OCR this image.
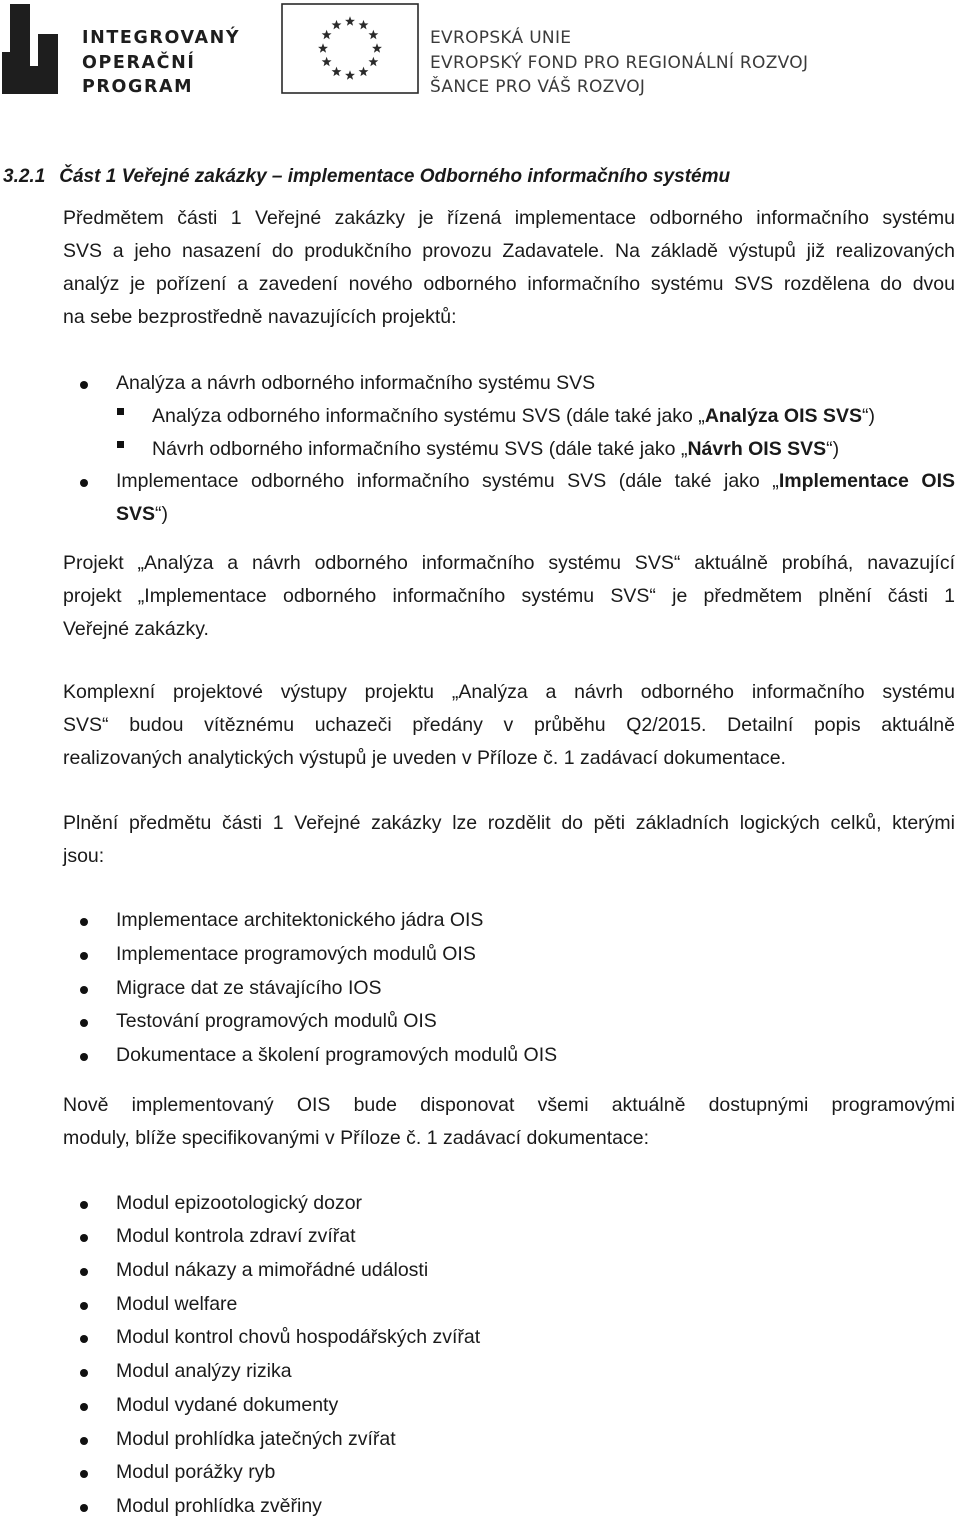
INTEGROVANÝ
OPERAČNÍ
PROGRAM
EVROPSKÁ UNIE
EVROPSKÝ FOND PRO REGIONÁLNÍ ROZVOJ
ŠANCE PRO VÁŠ ROZVOJ
3.2.1 Část 1 Veřejné zakázky – implementace Odborného informačního systému
Předmětem části 1 Veřejné zakázky je řízená implementace odborného informačního systému
SVS a jeho nasazení do produkčního provozu Zadavatele. Na základě výstupů již realizovaných
analýz je pořízení a zavedení nového odborného informačního systému SVS rozdělena do dvou
na sebe bezprostředně navazujících projektů:
Analýza a návrh odborného informačního systému SVS
Analýza odborného informačního systému SVS (dále také jako „Analýza OIS SVS“)
Návrh odborného informačního systému SVS (dále také jako „Návrh OIS SVS“)
Implementace odborného informačního systému SVS (dále také jako „Implementace OIS
SVS“)
Projekt „Analýza a návrh odborného informačního systému SVS“ aktuálně probíhá, navazující
projekt „Implementace odborného informačního systému SVS“ je předmětem plnění části 1
Veřejné zakázky.
Komplexní projektové výstupy projektu „Analýza a návrh odborného informačního systému
SVS“ budou vítěznému uchazeči předány v průběhu Q2/2015. Detailní popis aktuálně
realizovaných analytických výstupů je uveden v Příloze č. 1 zadávací dokumentace.
Plnění předmětu části 1 Veřejné zakázky lze rozdělit do pěti základních logických celků, kterými
jsou:
Implementace architektonického jádra OIS
Implementace programových modulů OIS
Migrace dat ze stávajícího IOS
Testování programových modulů OIS
Dokumentace a školení programových modulů OIS
Nově implementovaný OIS bude disponovat všemi aktuálně dostupnými programovými
moduly, blíže specifikovanými v Příloze č. 1 zadávací dokumentace:
Modul epizootologický dozor
Modul kontrola zdraví zvířat
Modul nákazy a mimořádné události
Modul welfare
Modul kontrol chovů hospodářských zvířat
Modul analýzy rizika
Modul vydané dokumenty
Modul prohlídka jatečných zvířat
Modul porážky ryb
Modul prohlídka zvěřiny
